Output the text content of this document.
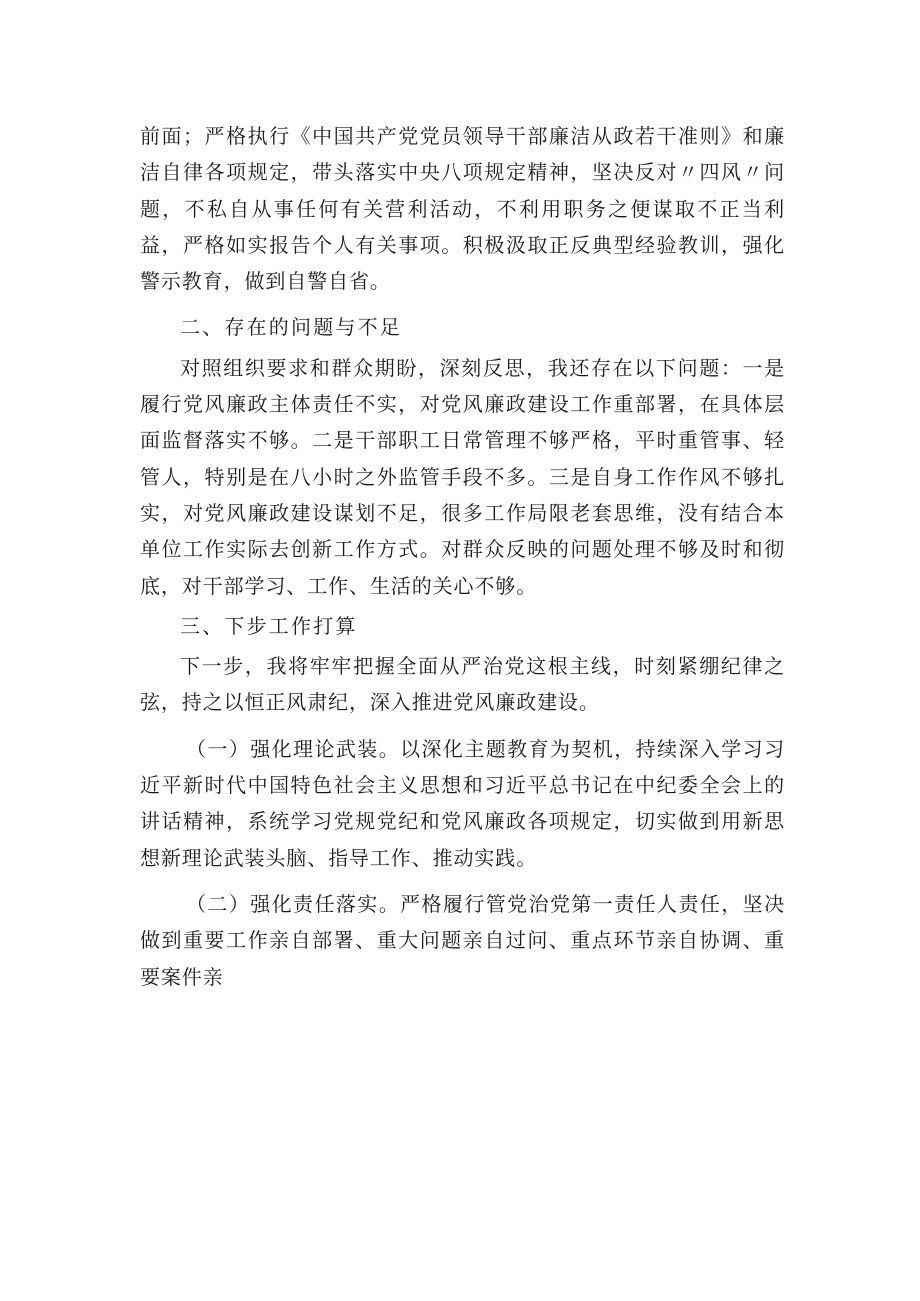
前面；严格执行《中国共产党党员领导干部廉洁从政若干准则》和廉洁自律各项规定，带头落实中央八项规定精神，坚决反对〃四风〃问题，不私自从事任何有关营利活动，不利用职务之便谋取不正当利益，严格如实报告个人有关事项。积极汲取正反典型经验教训，强化警示教育，做到自警自省。

二、存在的问题与不足

对照组织要求和群众期盼，深刻反思，我还存在以下问题：一是履行党风廉政主体责任不实，对党风廉政建设工作重部署，在具体层面监督落实不够。二是干部职工日常管理不够严格，平时重管事、轻管人，特别是在八小时之外监管手段不多。三是自身工作作风不够扎实，对党风廉政建设谋划不足，很多工作局限老套思维，没有结合本单位工作实际去创新工作方式。对群众反映的问题处理不够及时和彻底，对干部学习、工作、生活的关心不够。

三、下步工作打算

下一步，我将牢牢把握全面从严治党这根主线，时刻紧绷纪律之弦，持之以恒正风肃纪，深入推进党风廉政建设。

（一）强化理论武装。以深化主题教育为契机，持续深入学习习近平新时代中国特色社会主义思想和习近平总书记在中纪委全会上的讲话精神，系统学习党规党纪和党风廉政各项规定，切实做到用新思想新理论武装头脑、指导工作、推动实践。

（二）强化责任落实。严格履行管党治党第一责任人责任，坚决做到重要工作亲自部署、重大问题亲自过问、重点环节亲自协调、重要案件亲
